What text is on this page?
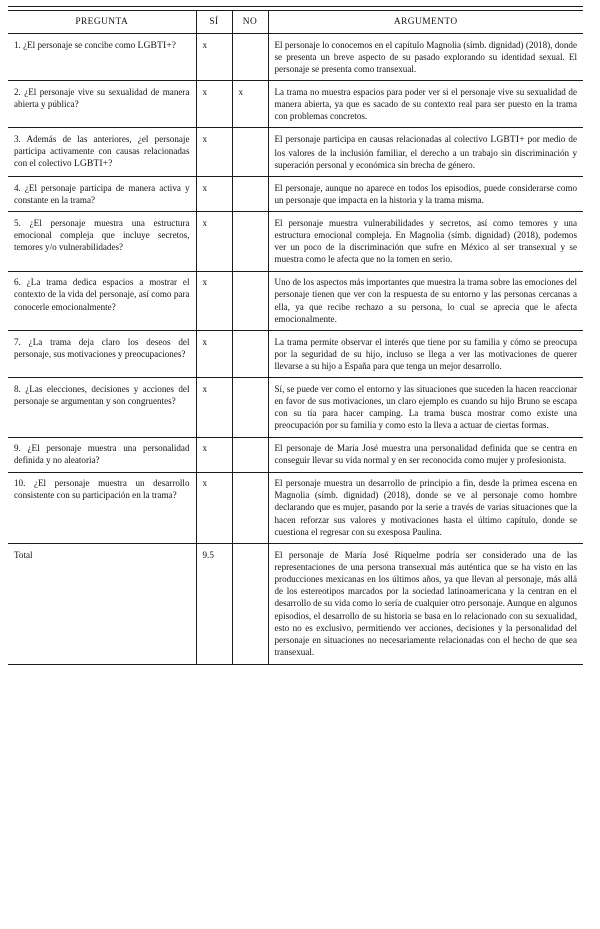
PREGUNTA	SÍ	NO	ARGUMENTO
1. ¿El personaje se concibe como LGBTI+?	x		El personaje lo conocemos en el capítulo Magnolia (símb. dignidad) (2018), donde se presenta un breve aspecto de su pasado explorando su identidad sexual. El personaje se presenta como transexual.
2. ¿El personaje vive su sexualidad de manera abierta y pública?	x	x	La trama no muestra espacios para poder ver si el personaje vive su sexualidad de manera abierta, ya que es sacado de su contexto real para ser puesto en la trama con problemas concretos.
3. Además de las anteriores, ¿el personaje participa activamente con causas relacionadas con el colectivo LGBTI+?	x		El personaje participa en causas relacionadas al colectivo LGBTI+ por medio de los valores de la inclusión familiar, el derecho a un trabajo sin discriminación y superación personal y económica sin brecha de género.
4. ¿El personaje participa de manera activa y constante en la trama?	x		El personaje, aunque no aparece en todos los episodios, puede considerarse como un personaje que impacta en la historia y la trama misma.
5. ¿El personaje muestra una estructura emocional compleja que incluye secretos, temores y/o vulnerabilidades?	x		El personaje muestra vulnerabilidades y secretos, así como temores y una estructura emocional compleja. En Magnolia (símb. dignidad) (2018), podemos ver un poco de la discriminación que sufre en México al ser transexual y se muestra como le afecta que no la tomen en serio.
6. ¿La trama dedica espacios a mostrar el contexto de la vida del personaje, así como para conocerle emocionalmente?	x		Uno de los aspectos más importantes que muestra la trama sobre las emociones del personaje tienen que ver con la respuesta de su entorno y las personas cercanas a ella, ya que recibe rechazo a su persona, lo cual se aprecia que le afecta emocionalmente.
7. ¿La trama deja claro los deseos del personaje, sus motivaciones y preocupaciones?	x		La trama permite observar el interés que tiene por su familia y cómo se preocupa por la seguridad de su hijo, incluso se llega a ver las motivaciones de querer llevarse a su hijo a España para que tenga un mejor desarrollo.
8. ¿Las elecciones, decisiones y acciones del personaje se argumentan y son congruentes?	x		Sí, se puede ver como el entorno y las situaciones que suceden la hacen reaccionar en favor de sus motivaciones, un claro ejemplo es cuando su hijo Bruno se escapa con su tía para hacer camping. La trama busca mostrar como existe una preocupación por su familia y como esto la lleva a actuar de ciertas formas.
9. ¿El personaje muestra una personalidad definida y no aleatoria?	x		El personaje de María José muestra una personalidad definida que se centra en conseguir llevar su vida normal y en ser reconocida como mujer y profesionista.
10. ¿El personaje muestra un desarrollo consistente con su participación en la trama?	x		El personaje muestra un desarrollo de principio a fin, desde la primea escena en Magnolia (símb. dignidad) (2018), donde se ve al personaje como hombre declarando que es mujer, pasando por la serie a través de varias situaciones que la hacen reforzar sus valores y motivaciones hasta el último capítulo, donde se cuestiona el regresar con su exesposa Paulina.
Total	9.5		El personaje de María José Riquelme podría ser considerado una de las representaciones de una persona transexual más auténtica que se ha visto en las producciones mexicanas en los últimos años, ya que llevan al personaje, más allá de los estereotipos marcados por la sociedad latinoamericana y la centran en el desarrollo de su vida como lo sería de cualquier otro personaje. Aunque en algunos episodios, el desarrollo de su historia se basa en lo relacionado con su sexualidad, esto no es exclusivo, permitiendo ver acciones, decisiones y la personalidad del personaje en situaciones no necesariamente relacionadas con el hecho de que sea transexual.
